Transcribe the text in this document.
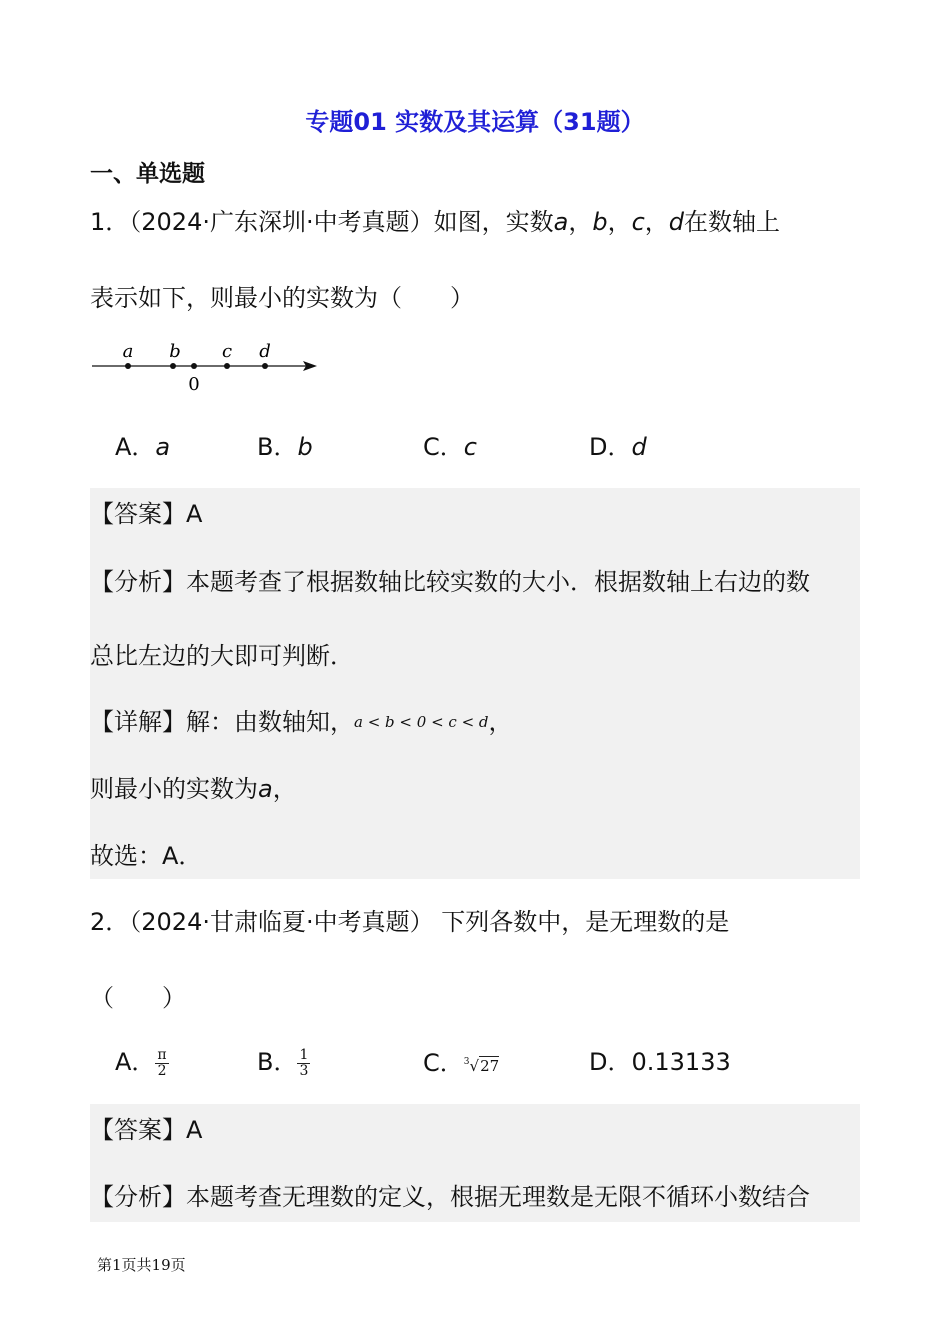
专题01 实数及其运算（31题）
一、单选题
1．（2024·广东深圳·中考真题）如图，实数a，b，c，d在数轴上
表示如下，则最小的实数为（　　）
a b c d
0
A．a	B．b	C．c	D．d
【答案】A
【分析】本题考查了根据数轴比较实数的大小．根据数轴上右边的数
总比左边的大即可判断．
【详解】解：由数轴知，a < b < 0 < c < d，
则最小的实数为a，
故选：A．
2．（2024·甘肃临夏·中考真题） 下列各数中，是无理数的是
（　　）
A． $\frac{\pi}{2}$	B． $\frac{1}{3}$	C．$^3$√27	D．0.13133
【答案】A
【分析】本题考查无理数的定义，根据无理数是无限不循环小数结合
第1页共19页
